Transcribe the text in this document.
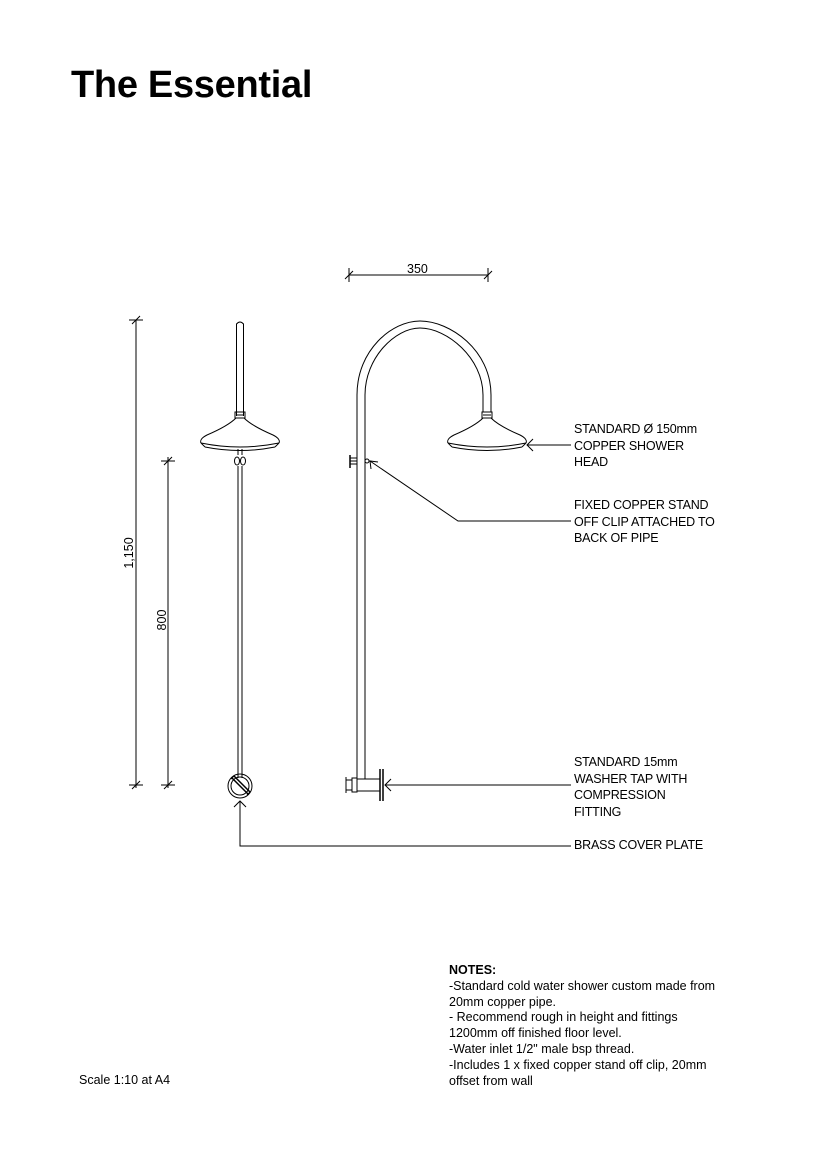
The Essential
350
1,150
800
STANDARD Ø 150mm
COPPER SHOWER
HEAD
FIXED COPPER STAND
OFF CLIP ATTACHED TO
BACK OF PIPE
STANDARD 15mm
WASHER TAP WITH
COMPRESSION
FITTING
BRASS COVER PLATE
NOTES:
-Standard cold water shower custom made from
20mm copper pipe.
- Recommend rough in height and fittings
1200mm off finished floor level.
-Water inlet 1/2" male bsp thread.
-Includes 1 x fixed copper stand off clip, 20mm
offset from wall
Scale 1:10 at A4
